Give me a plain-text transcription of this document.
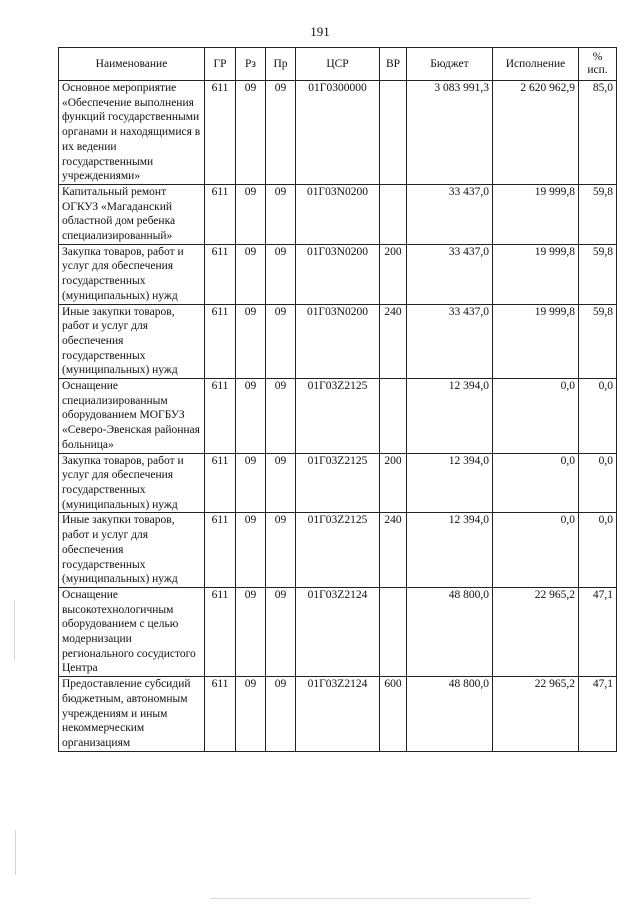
191
Наименование	ГР	Рз	Пр	ЦСР	ВР	Бюджет	Исполнение	%
исп.

Основное мероприятие «Обеспечение выполнения функций государственными органами и находящимися в их ведении государственными учреждениями»	611	09	09	01Г0300000		3 083 991,3	2 620 962,9	85,0
Капитальный ремонт ОГКУЗ «Магаданский областной дом ребенка специализированный»	611	09	09	01Г03N0200		33 437,0	19 999,8	59,8
Закупка товаров, работ и услуг для обеспечения государственных (муниципальных) нужд	611	09	09	01Г03N0200	200	33 437,0	19 999,8	59,8
Иные закупки товаров, работ и услуг для обеспечения государственных (муниципальных) нужд	611	09	09	01Г03N0200	240	33 437,0	19 999,8	59,8
Оснащение специализированным оборудованием МОГБУЗ «Северо-Эвенская районная больница»	611	09	09	01Г03Z2125		12 394,0	0,0	0,0
Закупка товаров, работ и услуг для обеспечения государственных (муниципальных) нужд	611	09	09	01Г03Z2125	200	12 394,0	0,0	0,0
Иные закупки товаров, работ и услуг для обеспечения государственных (муниципальных) нужд	611	09	09	01Г03Z2125	240	12 394,0	0,0	0,0
Оснащение высокотехнологичным оборудованием с целью модернизации регионального сосудистого Центра	611	09	09	01Г03Z2124		48 800,0	22 965,2	47,1
Предоставление субсидий бюджетным, автономным учреждениям и иным некоммерческим организациям	611	09	09	01Г03Z2124	600	48 800,0	22 965,2	47,1
